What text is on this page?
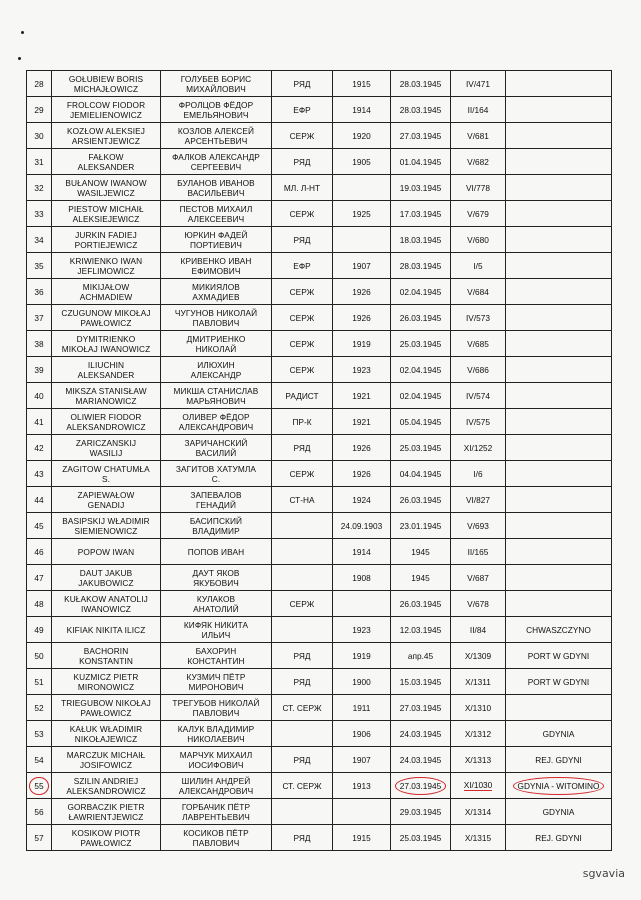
28	GOŁUBIEW BORIS
MICHAJŁOWICZ	ГОЛУБЕВ БОРИС
МИХАЙЛОВИЧ	РЯД	1915	28.03.1945	IV/471	
29	FROLCOW FIODOR
JEMIELIENOWICZ	ФРОЛЦОВ ФЁДОР
ЕМЕЛЬЯНОВИЧ	ЕФР	1914	28.03.1945	II/164	
30	KOZŁOW ALEKSIEJ
ARSIENTJEWICZ	КОЗЛОВ АЛЕКСЕЙ
АРСЕНТЬЕВИЧ	СЕРЖ	1920	27.03.1945	V/681	
31	FAŁKOW
ALEKSANDER	ФАЛКОВ АЛЕКСАНДР
СЕРГЕЕВИЧ	РЯД	1905	01.04.1945	V/682	
32	BUŁANOW IWANOW
WASILJEWICZ	БУЛАНОВ ИВАНОВ
ВАСИЛЬЕВИЧ	МЛ. Л-НТ		19.03.1945	VI/778	
33	PIESTOW MICHAIŁ
ALEKSIEJEWICZ	ПЕСТОВ МИХАИЛ
АЛЕКСЕЕВИЧ	СЕРЖ	1925	17.03.1945	V/679	
34	JURKIN FADIEJ
PORTIEJEWICZ	ЮРКИН ФАДЕЙ
ПОРТИЕВИЧ	РЯД		18.03.1945	V/680	
35	KRIWIENKO IWAN
JEFLIMOWICZ	КРИВЕНКО ИВАН
ЕФИМОВИЧ	ЕФР	1907	28.03.1945	I/5	
36	MIKIJAŁOW
ACHMADIEW	МИКИЯЛОВ
АХМАДИЕВ	СЕРЖ	1926	02.04.1945	V/684	
37	CZUGUNOW MIKOŁAJ
PAWŁOWICZ	ЧУГУНОВ НИКОЛАЙ
ПАВЛОВИЧ	СЕРЖ	1926	26.03.1945	IV/573	
38	DYMITRIENKO
MIKOŁAJ IWANOWICZ	ДМИТРИЕНКО
НИКОЛАЙ	СЕРЖ	1919	25.03.1945	V/685	
39	ILIUCHIN
ALEKSANDER	ИЛЮХИН
АЛЕКСАНДР	СЕРЖ	1923	02.04.1945	V/686	
40	MIKSZA STANISŁAW
MARIANOWICZ	МИКША СТАНИСЛАВ
МАРЬЯНОВИЧ	РАДИСТ	1921	02.04.1945	IV/574	
41	OLIWIER FIODOR
ALEKSANDROWICZ	ОЛИВЕР ФЁДОР
АЛЕКСАНДРОВИЧ	ПР-К	1921	05.04.1945	IV/575	
42	ZARICZANSKIJ
WASILIJ	ЗАРИЧАНСКИЙ
ВАСИЛИЙ	РЯД	1926	25.03.1945	XI/1252	
43	ZAGITOW CHATUMŁA
S.	ЗАГИТОВ ХАТУМЛА
С.	СЕРЖ	1926	04.04.1945	I/6	
44	ZAPIEWAŁOW
GENADIJ	ЗАПЕВАЛОВ
ГЕНАДИЙ	СТ-НА	1924	26.03.1945	VI/827	
45	BASIPSKIJ WŁADIMIR
SIEMIENOWICZ	БАСИПСКИЙ
ВЛАДИМИР		24.09.1903	23.01.1945	V/693	
46	POPOW IWAN	ПОПОВ ИВАН		1914	1945	II/165	
47	DAUT JAKUB
JAKUBOWICZ	ДАУТ ЯКОВ
ЯКУБОВИЧ		1908	1945	V/687	
48	KUŁAKOW ANATOLIJ
IWANOWICZ	КУЛАКОВ
АНАТОЛИЙ	СЕРЖ		26.03.1945	V/678	
49	KIFIAK NIKITA ILICZ	КИФЯК НИКИТА
ИЛЬИЧ		1923	12.03.1945	II/84	CHWASZCZYNO
50	BACHORIN
KONSTANTIN	БАХОРИН
КОНСТАНТИН	РЯД	1919	апр.45	X/1309	PORT W GDYNI
51	KUZMICZ PIETR
MIRONOWICZ	КУЗМИЧ ПЁТР
МИРОНОВИЧ	РЯД	1900	15.03.1945	X/1311	PORT W GDYNI
52	TRIEGUBOW NIKOŁAJ
PAWŁOWICZ	ТРЕГУБОВ НИКОЛАЙ
ПАВЛОВИЧ	СТ. СЕРЖ	1911	27.03.1945	X/1310	
53	KAŁUK WŁADIMIR
NIKOŁAJEWICZ	КАЛУК ВЛАДИМИР
НИКОЛАЕВИЧ		1906	24.03.1945	X/1312	GDYNIA
54	MARCZUK MICHAIŁ
JOSIFOWICZ	МАРЧУК МИХАИЛ
ИОСИФОВИЧ	РЯД	1907	24.03.1945	X/1313	REJ. GDYNI
55	SZILIN ANDRIEJ
ALEKSANDROWICZ	ШИЛИН АНДРЕЙ
АЛЕКСАНДРОВИЧ	СТ. СЕРЖ	1913	27.03.1945	XI/1030	GDYNIA - WITOMINO
56	GORBACZIK PIETR
ŁAWRIENTJEWICZ	ГОРБАЧИК ПЁТР
ЛАВРЕНТЬЕВИЧ			29.03.1945	X/1314	GDYNIA
57	KOSIKOW PIOTR
PAWŁOWICZ	КОСИКОВ ПЁТР
ПАВЛОВИЧ	РЯД	1915	25.03.1945	X/1315	REJ. GDYNI
sgvavia
